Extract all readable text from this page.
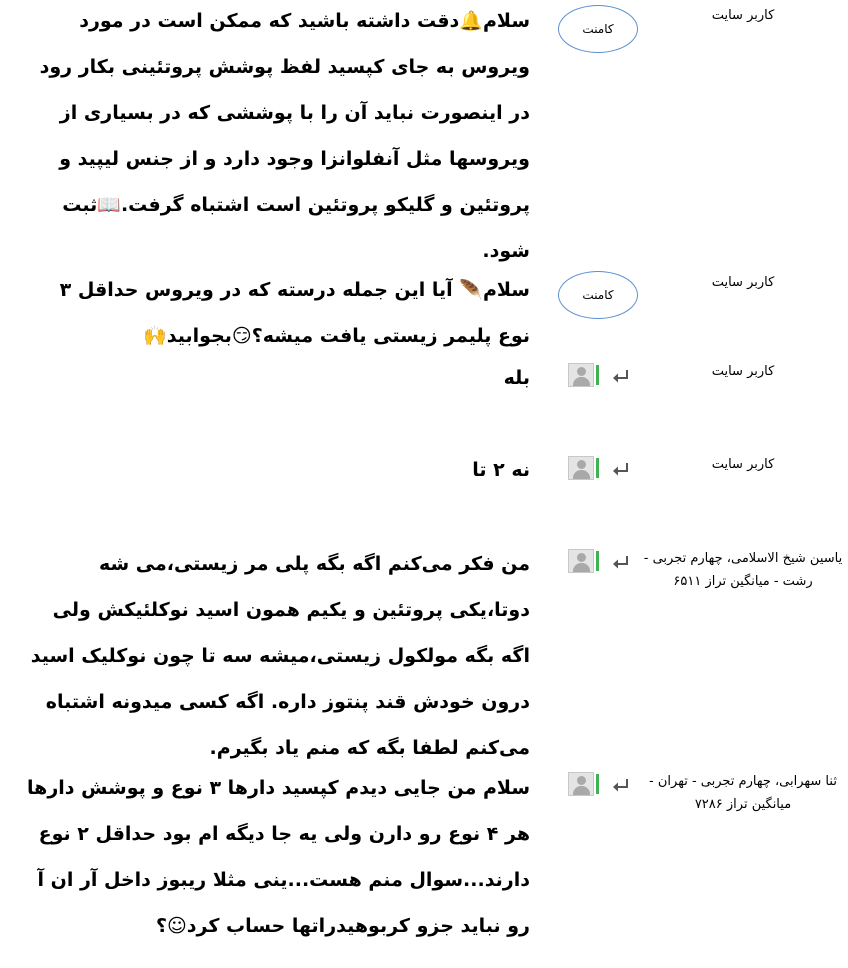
کاربر سایت
کامنت
سلام🔔دقت داشته باشید که ممکن است در مورد ویروس به جای کپسید لفظ پوشش پروتئینی بکار رود در اینصورت نباید آن را با پوششی که در بسیاری از ویروسها مثل آنفلوانزا وجود دارد و از جنس لیپید و پروتئین و گلیکو پروتئین است اشتباه گرفت.📖ثبت شود.
کاربر سایت
کامنت
سلام🪶 آیا این جمله درسته که در ویروس حداقل ۳ نوع پلیمر زیستی یافت میشه؟😏بجوابید🙌
کاربر سایت
بله
کاربر سایت
نه ۲ تا
یاسین شیخ الاسلامی، چهارم تجربی - رشت - میانگین تراز ۶۵۱۱
من فکر می‌کنم اگه بگه پلی مر زیستی،می شه دوتا،یکی پروتئین و یکیم همون اسید نوکلئیکش ولی اگه بگه مولکول زیستی،میشه سه تا چون نوکلیک اسید درون خودش قند پنتوز داره. اگه کسی میدونه اشتباه می‌کنم لطفا بگه که منم یاد بگیرم.
ثنا سهرابی، چهارم تجربی - تهران - میانگین تراز ۷۲۸۶
سلام من جایی دیدم کپسید دارها ۳ نوع و پوشش دارها هر ۴ نوع رو دارن ولی یه جا دیگه ام بود حداقل ۲ نوع دارند...سوال منم هست...ینی مثلا ریبوز داخل آر ان آ رو نباید جزو کربوهیدراتها حساب کرد☺؟
